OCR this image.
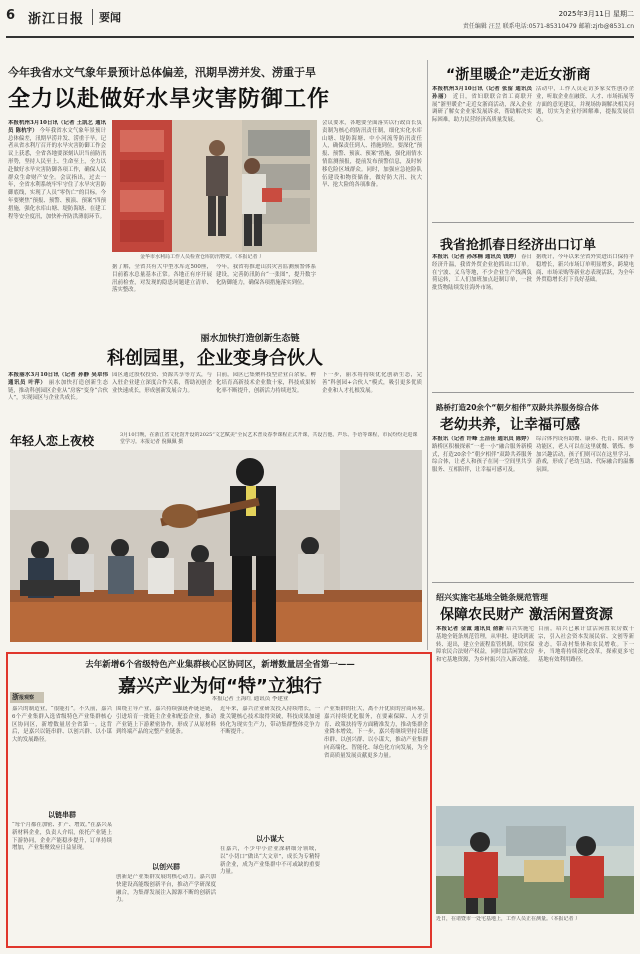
6 浙江日报	要闻	2025年3月11日 星期二
责任编辑 汪昱 联系电话:0571-85310479 邮箱:zjrb@8531.cn
今年我省水文气象年景预计总体偏差，汛期旱涝并发、涝重于旱
全力以赴做好水旱灾害防御工作
本报杭州3月10日讯（记者 王凯艺 通讯员 陈杭宇） 今年我省水文气象年景预计总体偏差，汛期旱涝并发、涝重于旱。记者从省水利厅召开的水旱灾害防御工作会议上获悉，全省各地要深刻认识当前防汛形势，坚持人民至上、生命至上，全力以赴做好水旱灾害防御各项工作，确保人民群众生命财产安全。会议指出，过去一年，全省水利系统牢牢守住了水旱灾害防御底线，实现了人员“零伤亡”的目标。今年要聚焦“预报、预警、预演、预案”四预措施，强化水库山塘、堤防海塘、在建工程等安全度汛，加快补齐防洪薄弱环节。
金华市水利局工作人员检查仓库防汛物资。（本报记者 ）
据了解，全省共有大中型水库近500座，目前蓄水总量基本正常。各地正有序开展汛前检查，对发现的隐患问题建立清单、落实整改。
今年，我省将推进山洪灾害监测预警体系建设，完善防汛防台“一张图”，提升数字化防御能力，确保各项措施落实到位。
会议要求，各地要全面落实以行政首长负责制为核心的防汛责任制，细化实化水库山塘、堤防海塘、中小河流等防汛责任人，确保责任到人、措施到位。要深化“预报、预警、预演、预案”措施，强化雨情水情监测预报，提前发布预警信息，及时转移危险区域群众。同时，加强应急抢险队伍建设和物资储备，做好防大汛、抗大旱、抢大险的各项准备。
“浙里暖企”走近女浙商
本报杭州3月10日讯（记者 张留 通讯员 孙丽） 近日，省妇联联合省工商联开展“浙里暖企”走近女浙商活动，深入企业调研了解女企业家发展诉求，帮助解决实际困难，助力民营经济高质量发展。
活动中，工作人员走访多家女性创办企业，听取企业在融资、人才、市场拓展等方面的意见建议，并现场协调解决相关问题，切实为企业纾困解难，提振发展信心。
我省抢抓春日经济出口订单
本报讯（记者 孙冰楠 通讯员 钱婷） 春日经济升温，我省外贸企业抢抓出口订单。在宁波、义乌等地，不少企业生产线满负荷运转，工人们加班加点赶制订单，一批批货物陆续发往海外市场。
据统计，今年以来全省外贸进出口保持平稳增长，新兴市场订单明显增多，跨境电商、市场采购等新业态表现活跃，为全年外贸稳增长打下良好基础。
丽水加快打造创新生态链
科创园里，企业变身合伙人
本报丽水3月10日讯（记者 孙静 吴卓伟 通讯员 叶萍） 丽水加快打造创新生态链，推动科创园区企业从“房客”变身“合伙人”，实现园区与企业共成长。
园区通过股权投资、资源共享等方式，与入驻企业建立深度合作关系，帮助初创企业快速成长，形成创新发展合力。
目前，园区已集聚科技型企业百余家，孵化培育高新技术企业数十家，科技成果转化率不断提升，创新活力持续迸发。
下一步，丽水将持续优化创新生态，完善“科创园+合伙人”模式，吸引更多优质企业和人才扎根发展。
年轻人恋上夜校	3月10日晚，在浙江省文化馆开设的2025“文艺赋美”全民艺术普及春季课程正式开课，共设吉他、声乐、手语等课程，市民纷纷走进课堂学习。本报记者 倪佩佩 摄
路桥打造20余个“朝夕相伴”双龄共养服务综合体
老幼共养，让幸福可感
本报讯（记者 许峰 王洁佳 通讯员 陈婷） 路桥区积极探索“一老一小”融合服务新模式，打造20余个“朝夕相伴”双龄共养服务综合体，让老人和孩子在同一空间里共享服务、互相陪伴，让幸福可感可及。
综合体内设有助餐、康养、托育、阅读等功能区，老人可以在这里就餐、锻炼、参加兴趣活动，孩子们则可以在这里学习、游戏，形成了老幼互助、代际融合的温馨氛围。
绍兴实施宅基地全链条规范管理
保障农民财产 激活闲置资源
本报记者 金诚 通讯员 俞新 绍兴实施宅基地全链条规范管理，从审批、建设到流转、退出，建立全流程监管机制，切实保障农民合法财产权益，同时盘活闲置农房和宅基地资源，为乡村振兴注入新动能。
目前，绍兴已累计盘活闲置农房数千宗，引入社会资本发展民宿、文创等新业态，带动村集体和农民增收。下一步，当地将持续深化改革，探索更多宅基地有效利用路径。
近日，在诸暨市一处宅基地上，工作人员正在测量。（本报记者 ）
去年新增6个省级特色产业集群核心区协同区，新增数量居全省第一——
嘉兴产业为何“特”立独行
本报记者 王海红 通讯员 李建业
浙报观察
嘉兴的制造业，“很能打”。不久前，嘉兴6个产业集群入选省级特色产业集群核心区协同区，新增数量居全省第一。这背后，是嘉兴以链串群、以创兴群、以小谋大的发展路径。
以链串群
“每个月都在加密、扩产、增效。”在嘉兴某新材料企业，负责人介绍，依托产业链上下游协同，企业产能稳步提升，订单持续增加，产业集聚效应日益显现。
围绕主导产业，嘉兴持续强链补链延链，引进培育一批链主企业和配套企业，推动产业链上下游紧密协作，形成了从原材料到终端产品的完整产业链条。
以创兴群
创新是产业集群发展的核心动力。嘉兴加快建设高能级创新平台，推动产学研深度融合，为集群发展注入源源不断的创新活力。
近年来，嘉兴企业研发投入持续增长，一批关键核心技术取得突破，科技成果加速转化为现实生产力，带动集群整体竞争力不断提升。
以小谋大
在嘉兴，不少中小企业深耕细分领域，以“小切口”做出“大文章”，成长为专精特新企业，成为产业集群中不可或缺的重要力量。
产业集群的壮大，离不开优质的营商环境。嘉兴持续优化服务，在要素保障、人才引育、政策扶持等方面精准发力，推动集群企业降本增效。下一步，嘉兴将继续坚持以链串群、以创兴群、以小谋大，推动产业集群向高端化、智能化、绿色化方向发展，为全省高质量发展贡献更多力量。
